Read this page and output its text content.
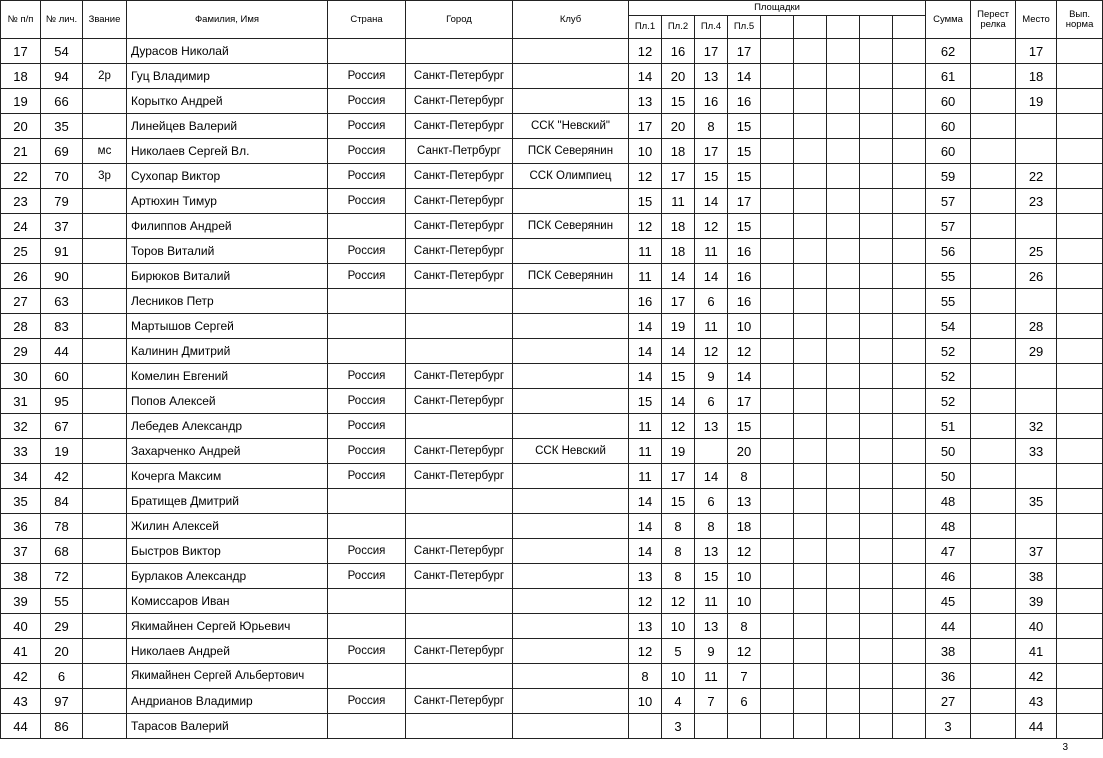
№ п/п	№ лич.	Звание	Фамилия, Имя	Страна	Город	Клуб	Площадки									Сумма	Перест релка	Место	Вып. норма
							Пл.1	Пл.2	Пл.4	Пл.5									
17	54		Дурасов Николай				12	16	17	17						62		17	
18	94	2р	Гуц Владимир	Россия	Санкт-Петербург		14	20	13	14						61		18	
19	66		Корытко Андрей	Россия	Санкт-Петербург		13	15	16	16						60		19	
20	35		Линейцев Валерий	Россия	Санкт-Петербург	ССК "Невский"	17	20	8	15						60			
21	69	мс	Николаев Сергей Вл.	Россия	Санкт-Петрбург	ПСК Северянин	10	18	17	15						60			
22	70	3р	Сухопар Виктор	Россия	Санкт-Петербург	ССК Олимпиец	12	17	15	15						59		22	
23	79		Артюхин Тимур	Россия	Санкт-Петербург		15	11	14	17						57		23	
24	37		Филиппов Андрей		Санкт-Петербург	ПСК Северянин	12	18	12	15						57			
25	91		Торов Виталий	Россия	Санкт-Петербург		11	18	11	16						56		25	
26	90		Бирюков Виталий	Россия	Санкт-Петербург	ПСК Северянин	11	14	14	16						55		26	
27	63		Лесников Петр				16	17	6	16						55			
28	83		Мартышов Сергей				14	19	11	10						54		28	
29	44		Калинин Дмитрий				14	14	12	12						52		29	
30	60		Комелин Евгений	Россия	Санкт-Петербург		14	15	9	14						52			
31	95		Попов Алексей	Россия	Санкт-Петербург		15	14	6	17						52			
32	67		Лебедев Александр	Россия			11	12	13	15						51		32	
33	19		Захарченко Андрей	Россия	Санкт-Петербург	ССК Невский	11	19		20						50		33	
34	42		Кочерга Максим	Россия	Санкт-Петербург		11	17	14	8						50			
35	84		Братищев Дмитрий				14	15	6	13						48		35	
36	78		Жилин Алексей				14	8	8	18						48			
37	68		Быстров Виктор	Россия	Санкт-Петербург		14	8	13	12						47		37	
38	72		Бурлаков Александр	Россия	Санкт-Петербург		13	8	15	10						46		38	
39	55		Комиссаров Иван				12	12	11	10						45		39	
40	29		Якимайнен Сергей Юрьевич				13	10	13	8						44		40	
41	20		Николаев Андрей	Россия	Санкт-Петербург		12	5	9	12						38		41	
42	6		Якимайнен Сергей Альбертович				8	10	11	7						36		42	
43	97		Андрианов Владимир	Россия	Санкт-Петербург		10	4	7	6						27		43	
44	86		Тарасов Валерий					3								3		44	
3
